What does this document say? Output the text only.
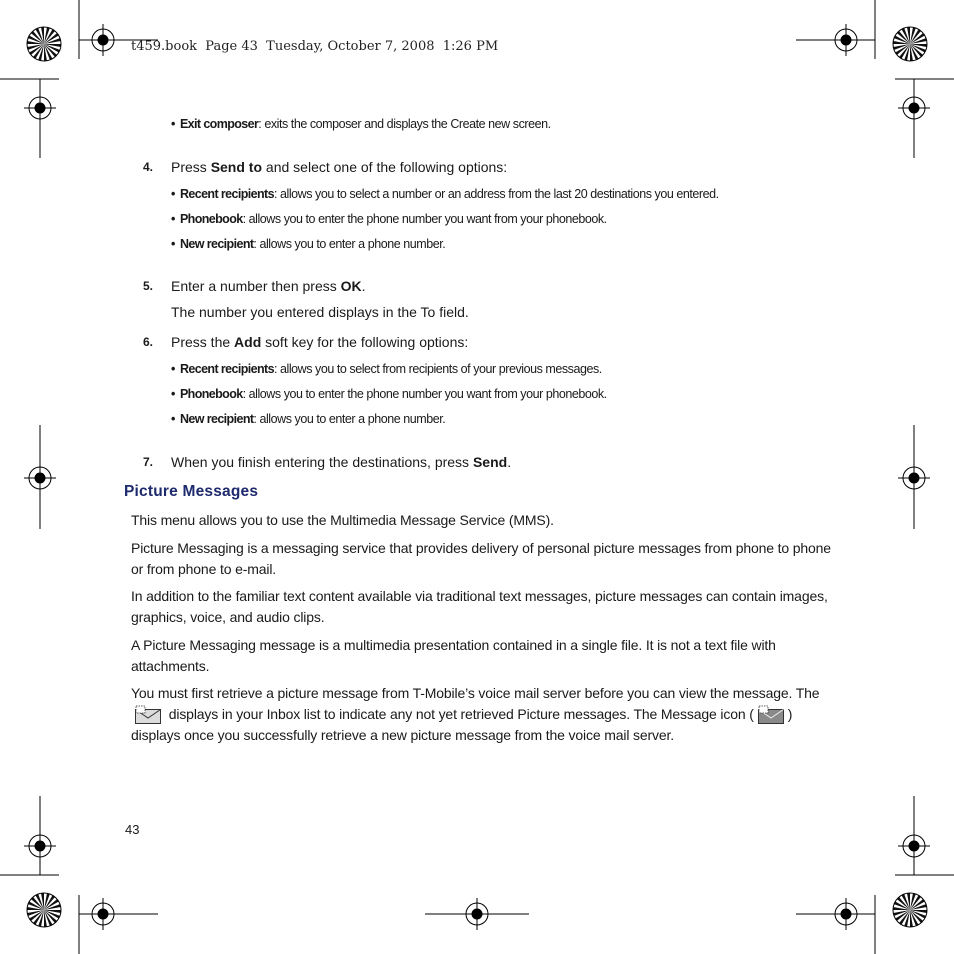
t459.book  Page 43  Tuesday, October 7, 2008  1:26 PM
• Exit composer: exits the composer and displays the Create new screen.
4. Press Send to and select one of the following options:
• Recent recipients: allows you to select a number or an address from the last 20 destinations you entered.
• Phonebook: allows you to enter the phone number you want from your phonebook.
• New recipient: allows you to enter a phone number.
5. Enter a number then press OK.
The number you entered displays in the To field.
6. Press the Add soft key for the following options:
• Recent recipients: allows you to select from recipients of your previous messages.
• Phonebook: allows you to enter the phone number you want from your phonebook.
• New recipient: allows you to enter a phone number.
7. When you finish entering the destinations, press Send.
Picture Messages
This menu allows you to use the Multimedia Message Service (MMS).
Picture Messaging is a messaging service that provides delivery of personal picture messages from phone to phone or from phone to e-mail.
In addition to the familiar text content available via traditional text messages, picture messages can contain images, graphics, voice, and audio clips.
A Picture Messaging message is a multimedia presentation contained in a single file. It is not a text file with attachments.
You must first retrieve a picture message from T-Mobile’s voice mail server before you can view the message. The
displays in your Inbox list to indicate any not yet retrieved Picture messages. The Message icon ( )
displays once you successfully retrieve a new picture message from the voice mail server.
43
